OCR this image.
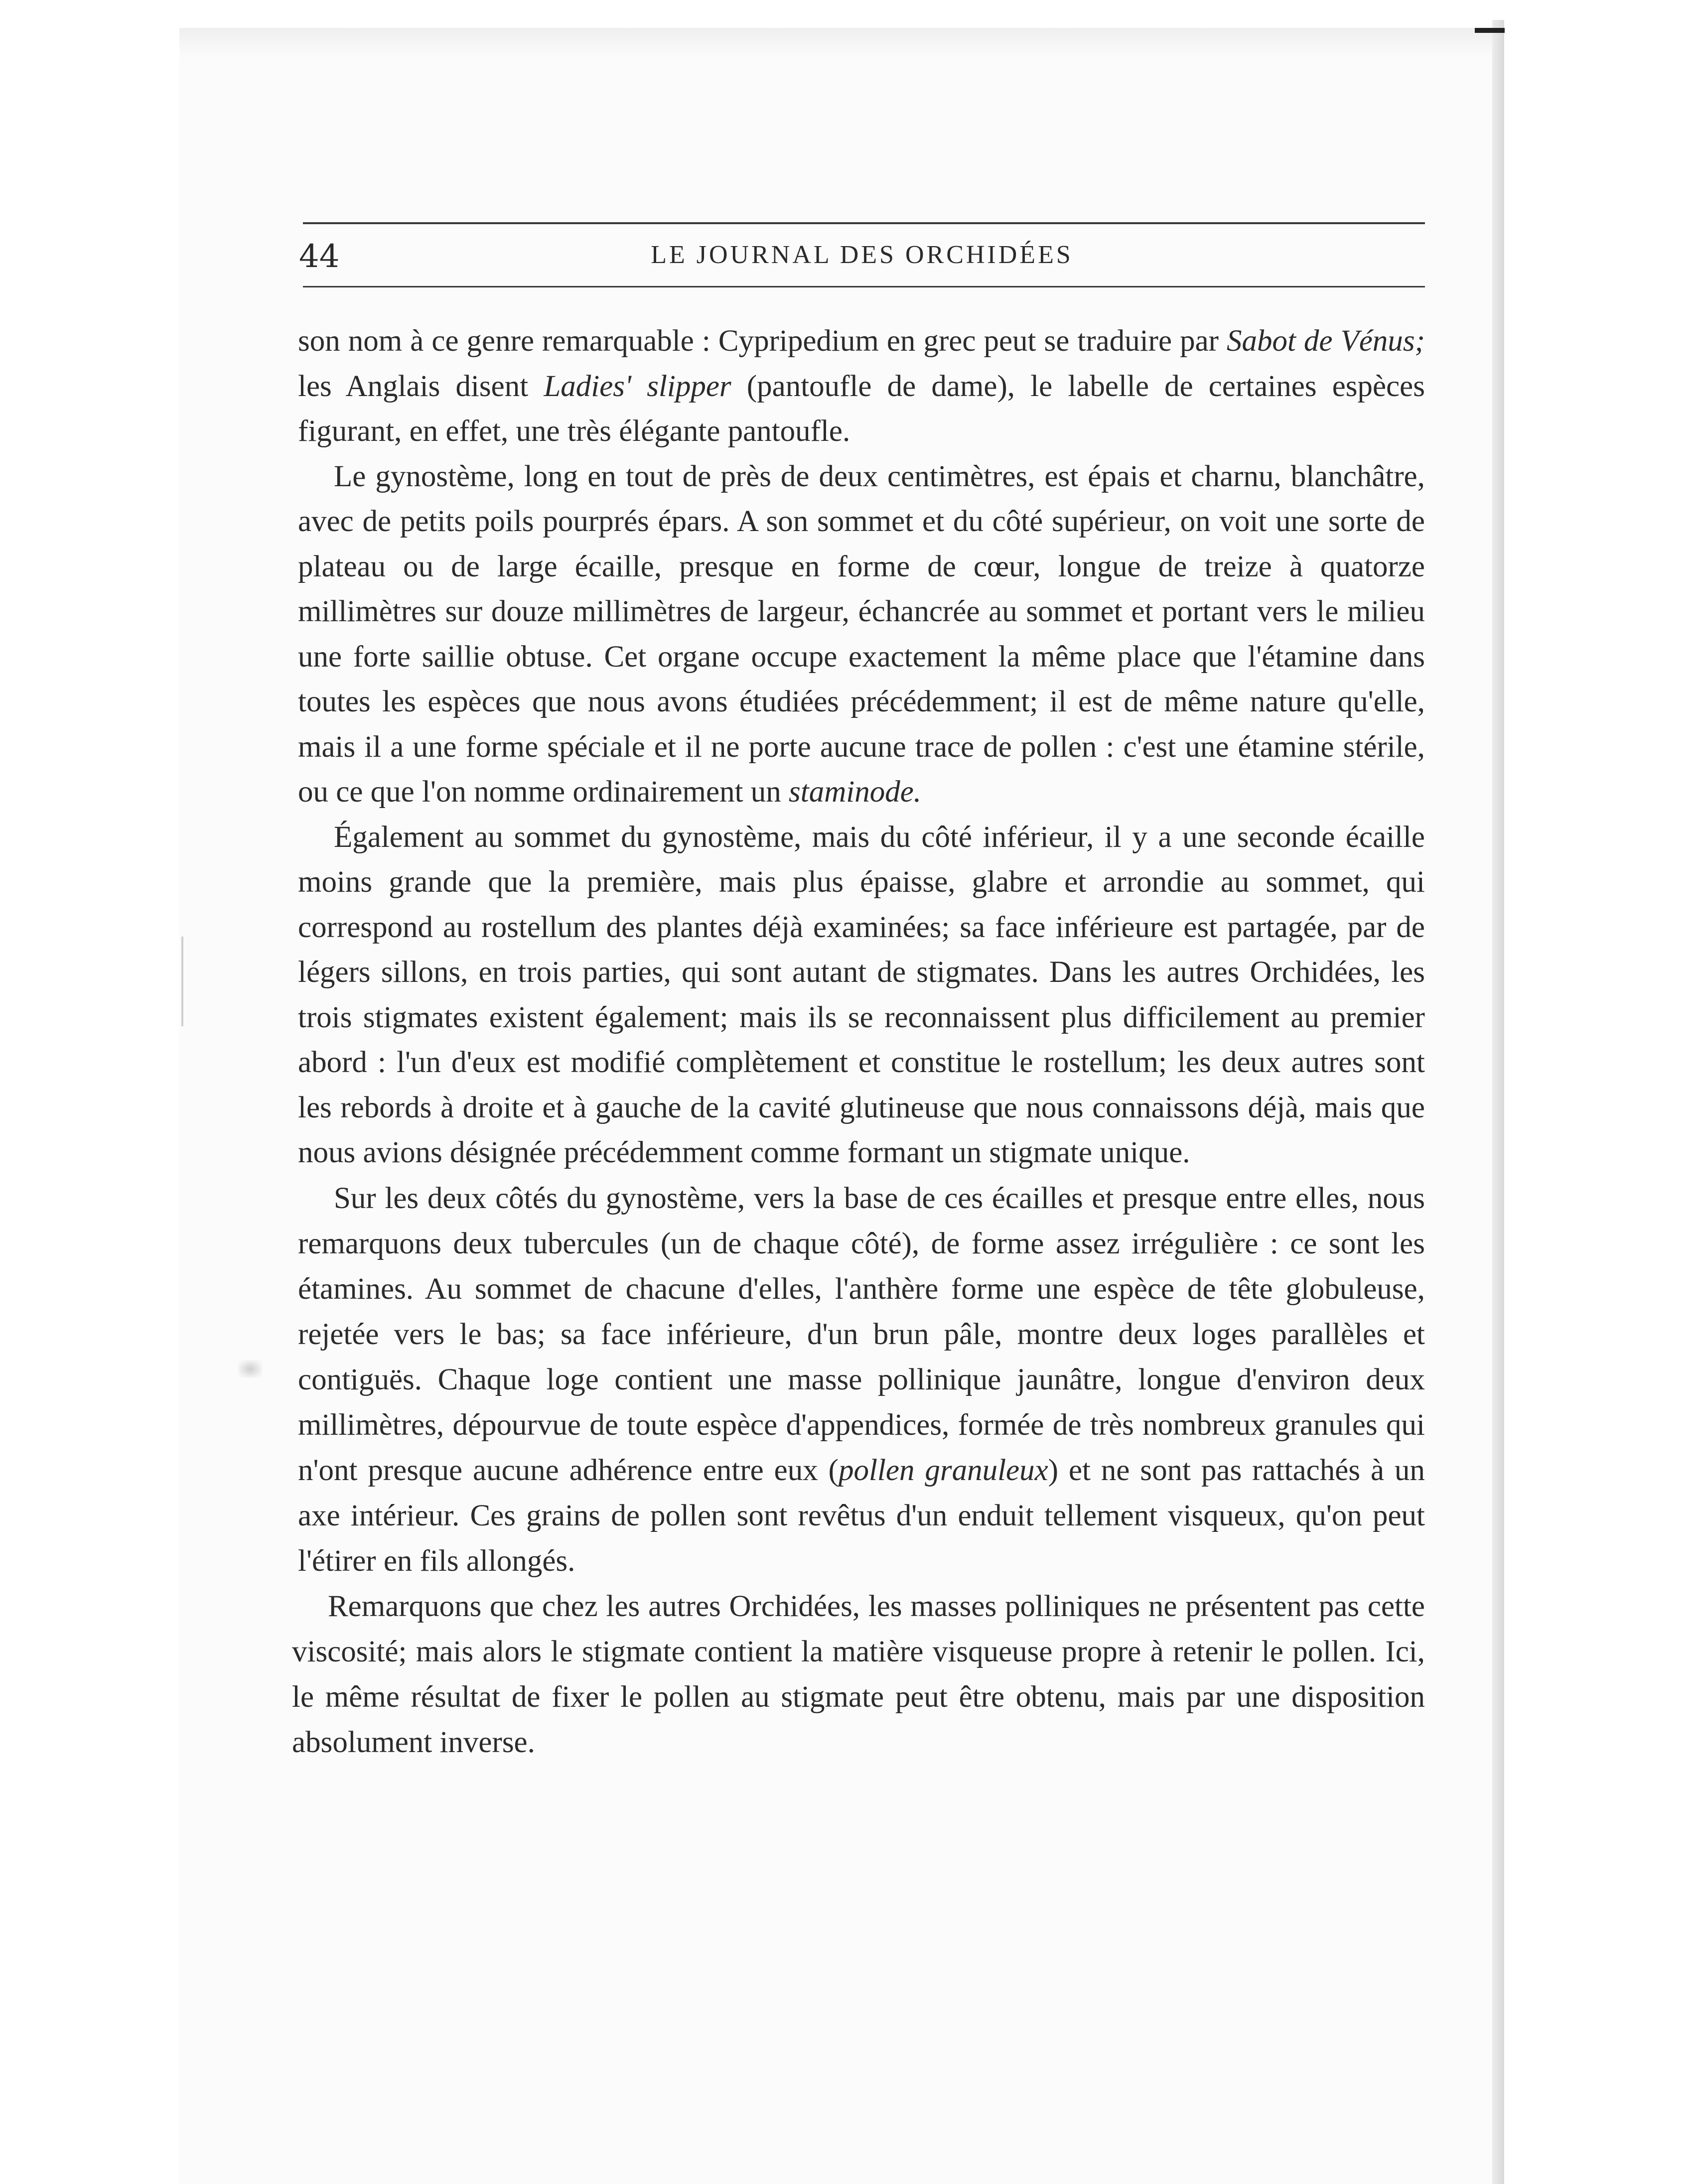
44	LE JOURNAL DES ORCHIDÉES

son nom à ce genre remarquable : Cypripedium en grec peut se traduire par Sabot de Vénus; les Anglais disent Ladies' slipper (pantoufle de dame), le labelle de certaines espèces figurant, en effet, une très élégante pantoufle.

Le gynostème, long en tout de près de deux centimètres, est épais et charnu, blanchâtre, avec de petits poils pourprés épars. A son sommet et du côté supérieur, on voit une sorte de plateau ou de large écaille, presque en forme de cœur, longue de treize à quatorze millimètres sur douze millimètres de largeur, échancrée au sommet et portant vers le milieu une forte saillie obtuse. Cet organe occupe exactement la même place que l'étamine dans toutes les espèces que nous avons étudiées précédemment; il est de même nature qu'elle, mais il a une forme spéciale et il ne porte aucune trace de pollen : c'est une étamine stérile, ou ce que l'on nomme ordinairement un staminode.

Également au sommet du gynostème, mais du côté inférieur, il y a une seconde écaille moins grande que la première, mais plus épaisse, glabre et arrondie au sommet, qui correspond au rostellum des plantes déjà examinées; sa face inférieure est partagée, par de légers sillons, en trois parties, qui sont autant de stigmates. Dans les autres Orchidées, les trois stigmates existent également; mais ils se reconnaissent plus difficilement au premier abord : l'un d'eux est modifié complètement et constitue le rostellum; les deux autres sont les rebords à droite et à gauche de la cavité glutineuse que nous connaissons déjà, mais que nous avions désignée précédemment comme formant un stigmate unique.

Sur les deux côtés du gynostème, vers la base de ces écailles et presque entre elles, nous remarquons deux tubercules (un de chaque côté), de forme assez irrégulière : ce sont les étamines. Au sommet de chacune d'elles, l'anthère forme une espèce de tête globuleuse, rejetée vers le bas; sa face inférieure, d'un brun pâle, montre deux loges parallèles et contiguës. Chaque loge contient une masse pollinique jaunâtre, longue d'environ deux millimètres, dépourvue de toute espèce d'appendices, formée de très nombreux granules qui n'ont presque aucune adhérence entre eux (pollen granuleux) et ne sont pas rattachés à un axe intérieur. Ces grains de pollen sont revêtus d'un enduit tellement visqueux, qu'on peut l'étirer en fils allongés.

Remarquons que chez les autres Orchidées, les masses polliniques ne présentent pas cette viscosité; mais alors le stigmate contient la matière visqueuse propre à retenir le pollen. Ici, le même résultat de fixer le pollen au stigmate peut être obtenu, mais par une disposition absolument inverse.
